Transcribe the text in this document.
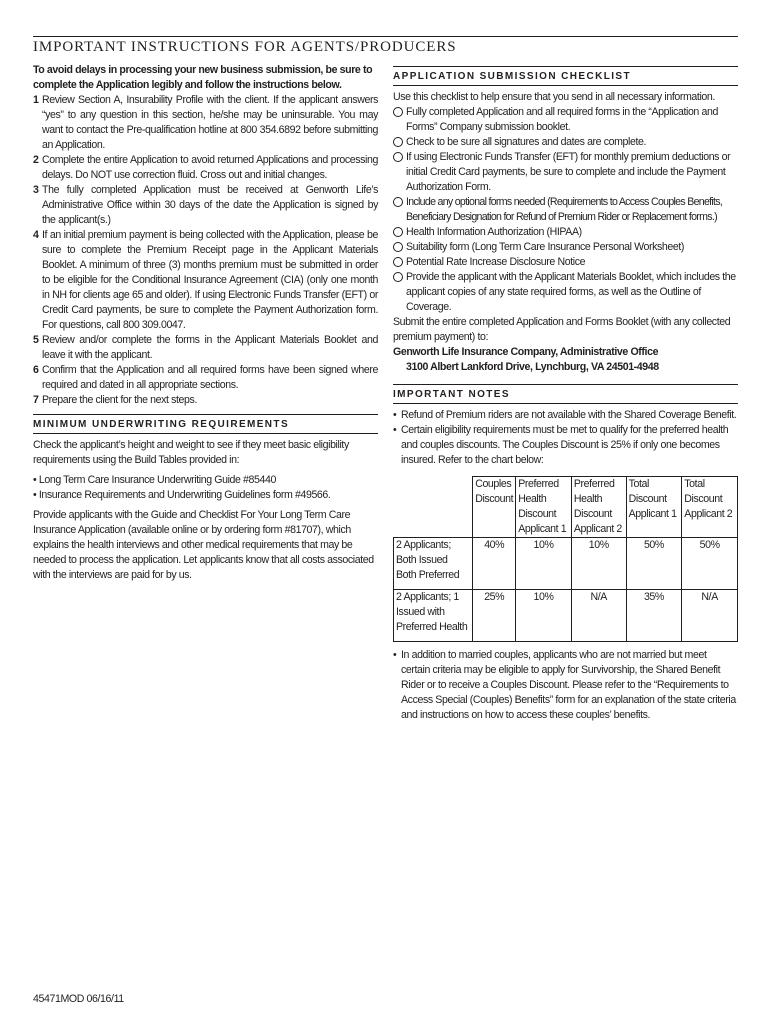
IMPORTANT INSTRUCTIONS FOR AGENTS/PRODUCERS
To avoid delays in processing your new business submission, be sure to complete the Application legibly and follow the instructions below.
1 Review Section A, Insurability Profile with the client. If the applicant answers “yes” to any question in this section, he/she may be uninsurable. You may want to contact the Pre-qualification hotline at 800 354.6892 before submitting an Application.
2 Complete the entire Application to avoid returned Applications and processing delays. Do NOT use correction fluid. Cross out and initial changes.
3 The fully completed Application must be received at Genworth Life’s Administrative Office within 30 days of the date the Application is signed by the applicant(s.)
4 If an initial premium payment is being collected with the Application, please be sure to complete the Premium Receipt page in the Applicant Materials Booklet. A minimum of three (3) months premium must be submitted in order to be eligible for the Conditional Insurance Agreement (CIA) (only one month in NH for clients age 65 and older). If using Electronic Funds Transfer (EFT) or Credit Card payments, be sure to complete the Payment Authorization form. For questions, call 800 309.0047.
5 Review and/or complete the forms in the Applicant Materials Booklet and leave it with the applicant.
6 Confirm that the Application and all required forms have been signed where required and dated in all appropriate sections.
7 Prepare the client for the next steps.
MINIMUM UNDERWRITING REQUIREMENTS
Check the applicant’s height and weight to see if they meet basic eligibility requirements using the Build Tables provided in:
• Long Term Care Insurance Underwriting Guide #85440
• Insurance Requirements and Underwriting Guidelines form #49566.
Provide applicants with the Guide and Checklist For Your Long Term Care Insurance Application (available online or by ordering form #81707), which explains the health interviews and other medical requirements that may be needed to process the application. Let applicants know that all costs associated with the interviews are paid for by us.
APPLICATION SUBMISSION CHECKLIST
Use this checklist to help ensure that you send in all necessary information.
Fully completed Application and all required forms in the “Application and Forms” Company submission booklet.
Check to be sure all signatures and dates are complete.
If using Electronic Funds Transfer (EFT) for monthly premium deductions or initial Credit Card payments, be sure to complete and include the Payment Authorization Form.
Include any optional forms needed (Requirements to Access Couples Benefits, Beneficiary Designation for Refund of Premium Rider or Replacement forms.)
Health Information Authorization (HIPAA)
Suitability form (Long Term Care Insurance Personal Worksheet)
Potential Rate Increase Disclosure Notice
Provide the applicant with the Applicant Materials Booklet, which includes the applicant copies of any state required forms, as well as the Outline of Coverage.
Submit the entire completed Application and Forms Booklet (with any collected premium payment) to:
Genworth Life Insurance Company, Administrative Office
3100 Albert Lankford Drive, Lynchburg, VA 24501-4948
IMPORTANT NOTES
• Refund of Premium riders are not available with the Shared Coverage Benefit.
• Certain eligibility requirements must be met to qualify for the preferred health and couples discounts. The Couples Discount is 25% if only one becomes insured. Refer to the chart below:
	Couples Discount	Preferred Health Discount Applicant 1	Preferred Health Discount Applicant 2	Total Discount Applicant 1	Total Discount Applicant 2
2 Applicants; Both Issued Both Preferred	40%	10%	10%	50%	50%
2 Applicants; 1 Issued with Preferred Health	25%	10%	N/A	35%	N/A
• In addition to married couples, applicants who are not married but meet certain criteria may be eligible to apply for Survivorship, the Shared Benefit Rider or to receive a Couples Discount. Please refer to the “Requirements to Access Special (Couples) Benefits” form for an explanation of the state criteria and instructions on how to access these couples’ benefits.
45471MOD 06/16/11
